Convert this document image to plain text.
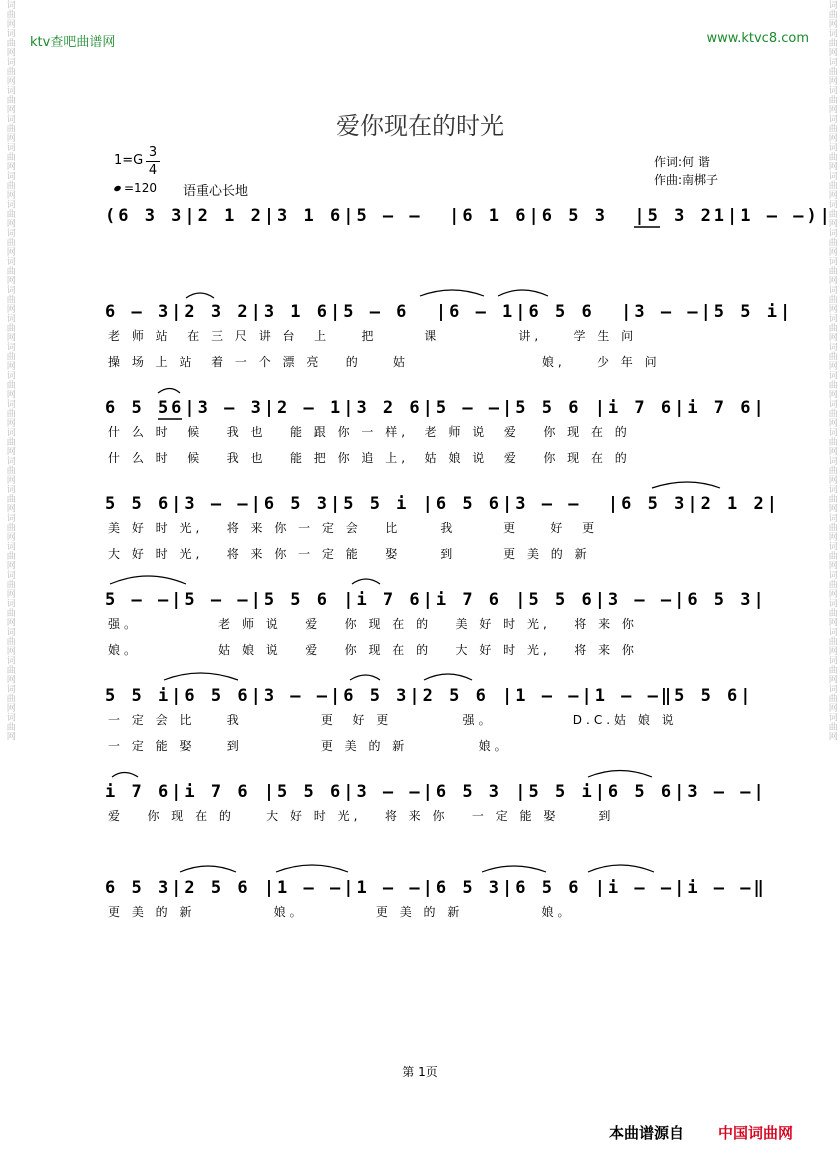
词曲网词曲网词曲网词曲网词曲网词曲网词曲网词曲网词曲网词曲网词曲网词曲网词曲网词曲网词曲网词曲网词曲网词曲网词曲网词曲网词曲网词曲网词曲网词曲网词曲网词曲网	词曲网词曲网词曲网词曲网词曲网词曲网词曲网词曲网词曲网词曲网词曲网词曲网词曲网词曲网词曲网词曲网词曲网词曲网词曲网词曲网词曲网词曲网词曲网词曲网词曲网词曲网
ktv查吧曲谱网	www.ktvc8.com
爱你现在的时光
1=G
3
4
=120 语重心长地
作词:何 谐
作曲:南梆子
(6 3 3|2 1 2|3 1 6|5 — —  |6 1 6|6 5 3  |5 3 21|1 — —)|
6 — 3|2 3 2|3 1 6|5 — 6  |6 — 1|6 5 6  |3 — —|5 5 i|
6 5 56|3 — 3|2 — 1|3 2 6|5 — —|5 5 6 |i 7 6|i 7 6|
5 5 6|3 — —|6 5 3|5 5 i |6 5 6|3 — —  |6 5 3|2 1 2|
5 — —|5 — —|5 5 6 |i 7 6|i 7 6 |5 5 6|3 — —|6 5 3|
5 5 i|6 5 6|3 — —|6 5 3|2 5 6 |1 — —|1 — —‖5 5 6|
i 7 6|i 7 6 |5 5 6|3 — —|6 5 3 |5 5 i|6 5 6|3 — —|
6 5 3|2 5 6 |1 — —|1 — —|6 5 3|6 5 6 |i — —|i — —‖
老 师 站  在 三 尺 讲 台  上    把      课          讲,    学 生 问
操 场 上 站  着 一 个 漂 亮   的    姑                 娘,    少 年 问
什 么 时  候   我 也   能 跟 你 一 样,  老 师 说  爱   你 现 在 的
什 么 时  候   我 也   能 把 你 追 上,  姑 娘 说  爱   你 现 在 的
美 好 时 光,   将 来 你 一 定 会   比     我      更    好  更
大 好 时 光,   将 来 你 一 定 能   娶     到      更 美 的 新
强。          老 师 说   爱   你 现 在 的   美 好 时 光,   将 来 你
娘。          姑 娘 说   爱   你 现 在 的   大 好 时 光,   将 来 你
一 定 会 比    我          更  好 更         强。          D.C.姑 娘 说
一 定 能 娶    到          更 美 的 新         娘。
爱   你 现 在 的    大 好 时 光,   将 来 你   一 定 能 娶     到
更 美 的 新          娘。         更 美 的 新          娘。
第 1页
本曲谱源自 中国词曲网
